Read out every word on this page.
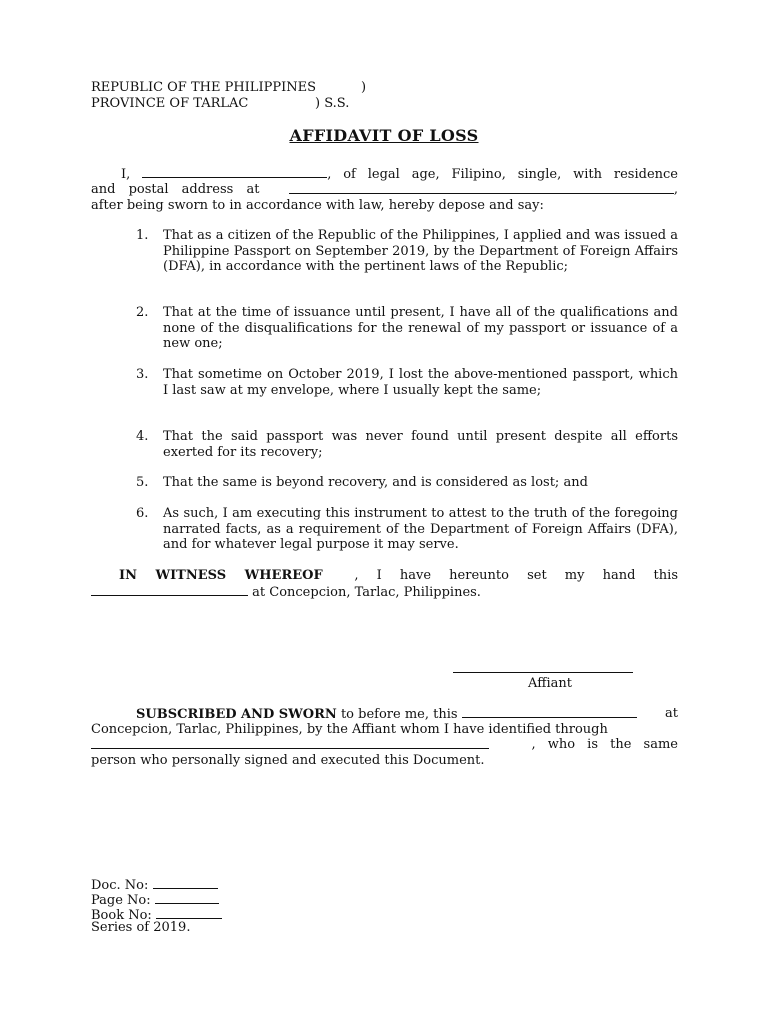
REPUBLIC OF THE PHILIPPINES	)
PROVINCE OF TARLAC	) S.S.
AFFIDAVIT OF LOSS
I,	, of legal age, Filipino, single, with residence
and postal address at	,
after being sworn to in accordance with law, hereby depose and say:
1. That as a citizen of the Republic of the Philippines, I applied and was issued a Philippine Passport on September 2019, by the Department of Foreign Affairs (DFA), in accordance with the pertinent laws of the Republic;
2. That at the time of issuance until present, I have all of the qualifications and none of the disqualifications for the renewal of my passport or issuance of a new one;
3. That sometime on October 2019, I lost the above-mentioned passport, which I last saw at my envelope, where I usually kept the same;
4. That the said passport was never found until present despite all efforts exerted for its recovery;
5. That the same is beyond recovery, and is considered as lost; and
6. As such, I am executing this instrument to attest to the truth of the foregoing narrated facts, as a requirement of the Department of Foreign Affairs (DFA), and for whatever legal purpose it may serve.
IN WITNESS WHEREOF , I have hereunto set my hand this
at Concepcion, Tarlac, Philippines.
Affiant
SUBSCRIBED AND SWORN to before me, this	at
Concepcion, Tarlac, Philippines, by the Affiant whom I have identified through
, who is the same
person who personally signed and executed this Document.
Doc. No:
Page No:
Book No:
Series of 2019.
